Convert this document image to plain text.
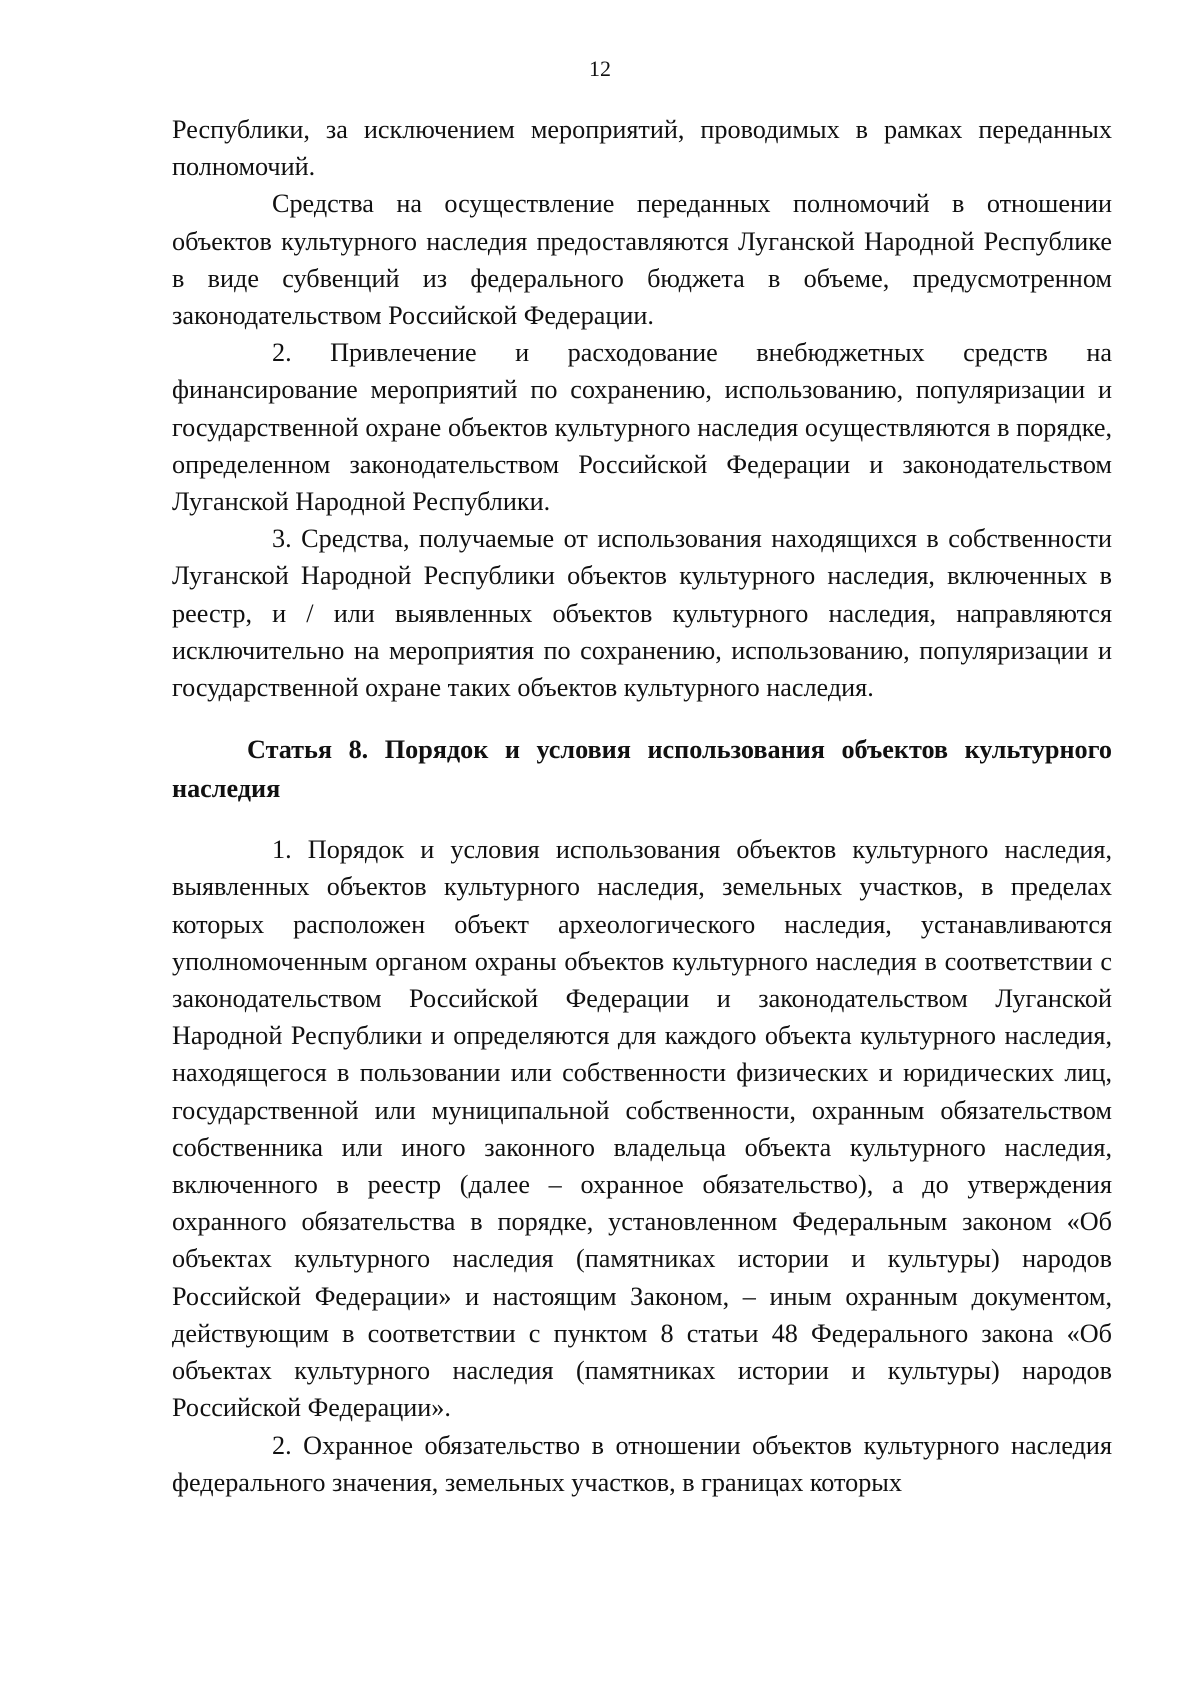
12

Республики, за исключением мероприятий, проводимых в рамках переданных полномочий.

Средства на осуществление переданных полномочий в отношении объектов культурного наследия предоставляются Луганской Народной Республике в виде субвенций из федерального бюджета в объеме, предусмотренном законодательством Российской Федерации.

2. Привлечение и расходование внебюджетных средств на финансирование мероприятий по сохранению, использованию, популяризации и государственной охране объектов культурного наследия осуществляются в порядке, определенном законодательством Российской Федерации и законодательством Луганской Народной Республики.

3. Средства, получаемые от использования находящихся в собственности Луганской Народной Республики объектов культурного наследия, включенных в реестр, и / или выявленных объектов культурного наследия, направляются исключительно на мероприятия по сохранению, использованию, популяризации и государственной охране таких объектов культурного наследия.

Статья 8. Порядок и условия использования объектов культурного наследия

1. Порядок и условия использования объектов культурного наследия, выявленных объектов культурного наследия, земельных участков, в пределах которых расположен объект археологического наследия, устанавливаются уполномоченным органом охраны объектов культурного наследия в соответствии с законодательством Российской Федерации и законодательством Луганской Народной Республики и определяются для каждого объекта культурного наследия, находящегося в пользовании или собственности физических и юридических лиц, государственной или муниципальной собственности, охранным обязательством собственника или иного законного владельца объекта культурного наследия, включенного в реестр (далее – охранное обязательство), а до утверждения охранного обязательства в порядке, установленном Федеральным законом «Об объектах культурного наследия (памятниках истории и культуры) народов Российской Федерации» и настоящим Законом, – иным охранным документом, действующим в соответствии с пунктом 8 статьи 48 Федерального закона «Об объектах культурного наследия (памятниках истории и культуры) народов Российской Федерации».

2. Охранное обязательство в отношении объектов культурного наследия федерального значения, земельных участков, в границах которых
